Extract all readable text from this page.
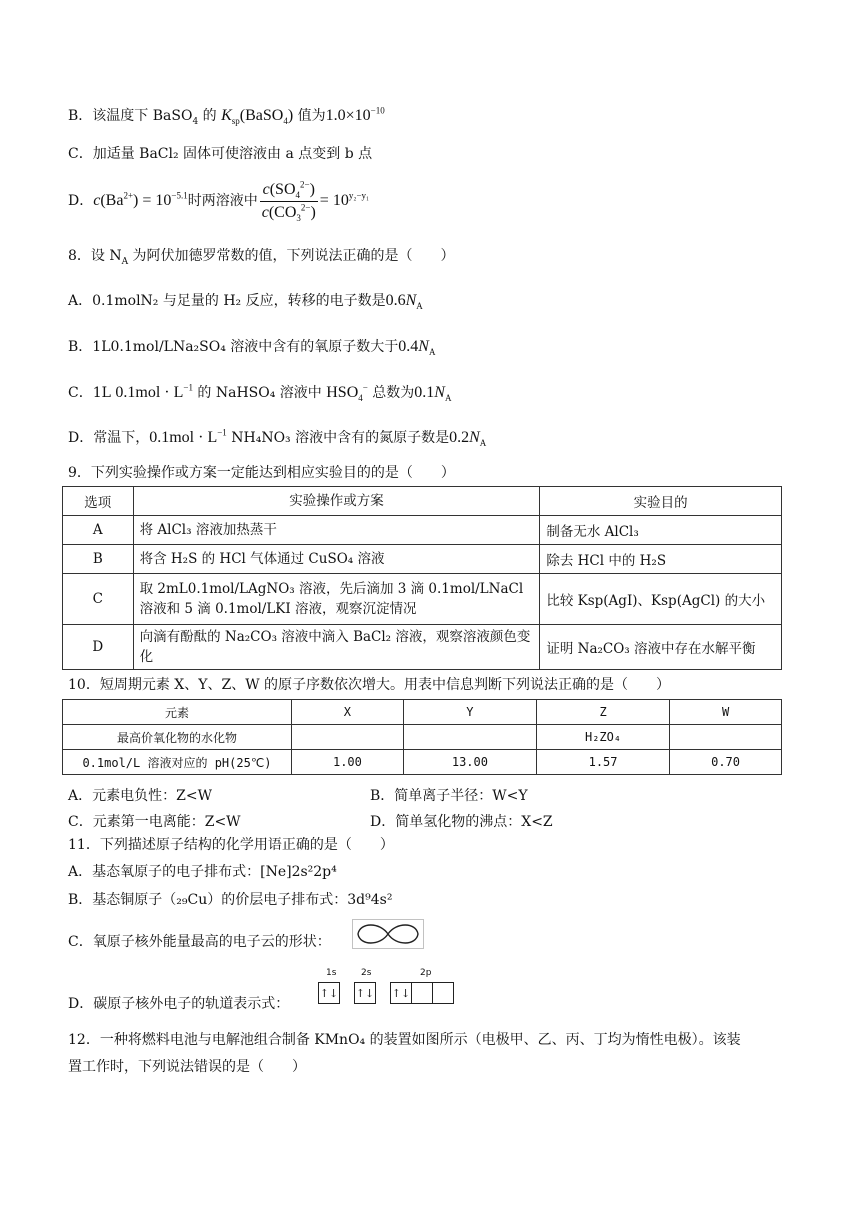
B．该温度下 BaSO$_4$ 的 $K_{sp}(BaSO_4)$ 值为$1.0\times 10^{-10}$
C．加适量 BaCl₂ 固体可使溶液由 a 点变到 b 点
D．$c(Ba^{2+}) = 10^{-5.1}$时两溶液中 $\frac{c(SO_4^{2-})}{c(CO_3^{2-})} = 10^{y_2-y_1}$
8．设 $N_A$ 为阿伏加德罗常数的值，下列说法正确的是（　　）
A．0.1molN₂ 与足量的 H₂ 反应，转移的电子数是$0.6N_A$
B．1L0.1mol/LNa₂SO₄ 溶液中含有的氧原子数大于$0.4N_A$
C．1L $0.1mol \cdot L^{-1}$ 的 NaHSO₄ 溶液中 $HSO_4^-$ 总数为$0.1N_A$
D．常温下，$0.1mol \cdot L^{-1}$ NH₄NO₃ 溶液中含有的氮原子数是$0.2N_A$
9．下列实验操作或方案一定能达到相应实验目的的是（　　）
选项	实验操作或方案	实验目的
A	将 AlCl₃ 溶液加热蒸干	制备无水 AlCl₃
B	将含 H₂S 的 HCl 气体通过 CuSO₄ 溶液	除去 HCl 中的 H₂S
C	取 2mL0.1mol/LAgNO₃ 溶液，先后滴加 3 滴 0.1mol/LNaCl 溶液和 5 滴 0.1mol/LKI 溶液，观察沉淀情况	比较 Ksp(AgI)、Ksp(AgCl) 的大小
D	向滴有酚酞的 Na₂CO₃ 溶液中滴入 BaCl₂ 溶液，观察溶液颜色变化	证明 Na₂CO₃ 溶液中存在水解平衡
10．短周期元素 X、Y、Z、W 的原子序数依次增大。用表中信息判断下列说法正确的是（　　）
元素	X	Y	Z	W
最高价氧化物的水化物			H₂ZO₄	
0.1mol/L 溶液对应的 pH(25℃)	1.00	13.00	1.57	0.70
A．元素电负性：Z<W	B．简单离子半径：W<Y
C．元素第一电离能：Z<W	D．简单氢化物的沸点：X<Z
11．下列描述原子结构的化学用语正确的是（　　）
A．基态氧原子的电子排布式：[Ne]2s²2p⁴
B．基态铜原子（₂₉Cu）的价层电子排布式：3d⁹4s²
C．氧原子核外能量最高的电子云的形状：
D．碳原子核外电子的轨道表示式：
1s	2s	2p
↑↓ ↑↓ ↑↓
12．一种将燃料电池与电解池组合制备 KMnO₄ 的装置如图所示（电极甲、乙、丙、丁均为惰性电极）。该装
置工作时，下列说法错误的是（　　）
